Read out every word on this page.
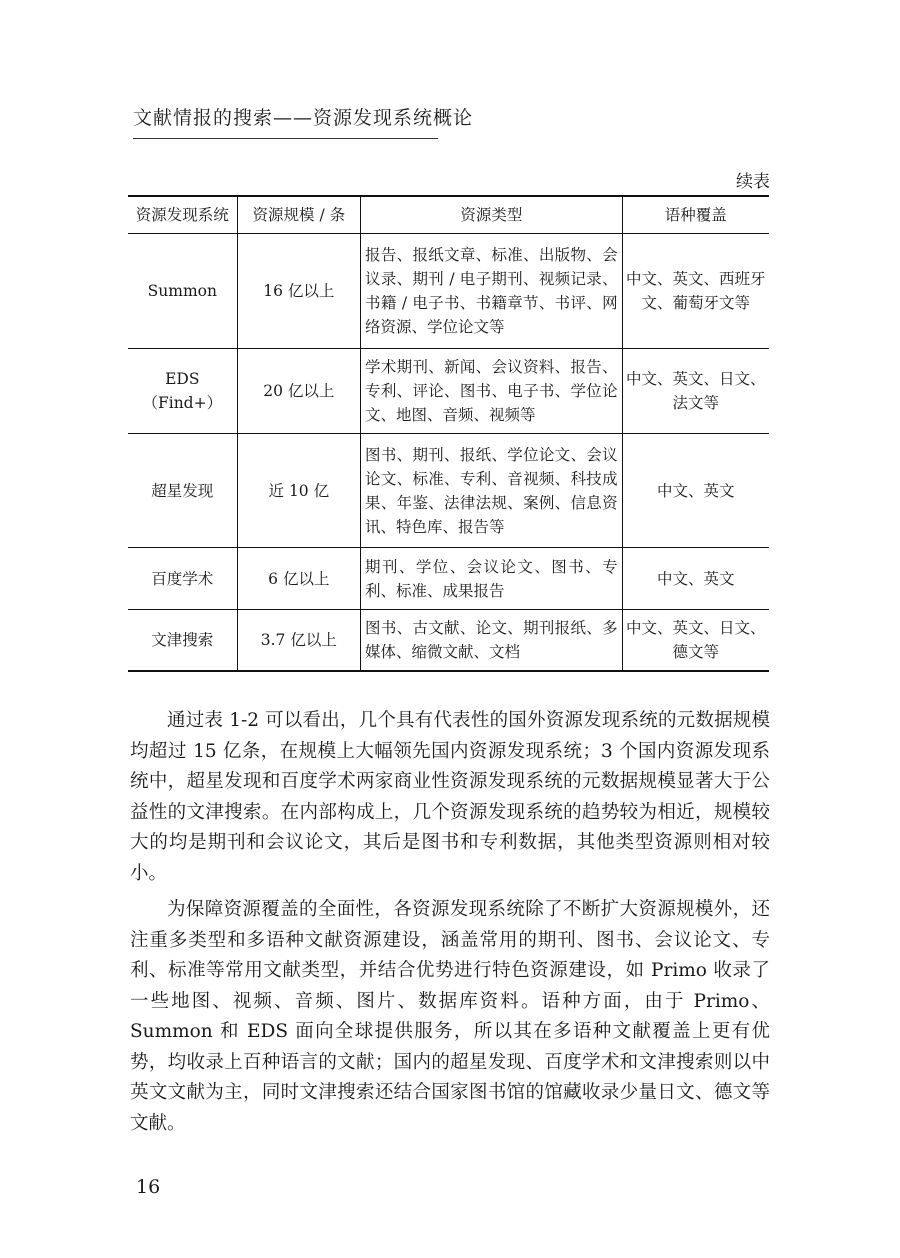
文献情报的搜索——资源发现系统概论
续表
资源发现系统	资源规模 / 条	资源类型	语种覆盖
Summon	16 亿以上	报告、报纸文章、标准、出版物、会议录、期刊 / 电子期刊、视频记录、书籍 / 电子书、书籍章节、书评、网络资源、学位论文等	中文、英文、西班牙文、葡萄牙文等
EDS（Find+）	20 亿以上	学术期刊、新闻、会议资料、报告、专利、评论、图书、电子书、学位论文、地图、音频、视频等	中文、英文、日文、法文等
超星发现	近 10 亿	图书、期刊、报纸、学位论文、会议论文、标准、专利、音视频、科技成果、年鉴、法律法规、案例、信息资讯、特色库、报告等	中文、英文
百度学术	6 亿以上	期刊、学位、会议论文、图书、专利、标准、成果报告	中文、英文
文津搜索	3.7 亿以上	图书、古文献、论文、期刊报纸、多媒体、缩微文献、文档	中文、英文、日文、德文等

通过表 1-2 可以看出，几个具有代表性的国外资源发现系统的元数据规模均超过 15 亿条，在规模上大幅领先国内资源发现系统；3 个国内资源发现系统中，超星发现和百度学术两家商业性资源发现系统的元数据规模显著大于公益性的文津搜索。在内部构成上，几个资源发现系统的趋势较为相近，规模较大的均是期刊和会议论文，其后是图书和专利数据，其他类型资源则相对较小。

为保障资源覆盖的全面性，各资源发现系统除了不断扩大资源规模外，还注重多类型和多语种文献资源建设，涵盖常用的期刊、图书、会议论文、专利、标准等常用文献类型，并结合优势进行特色资源建设，如 Primo 收录了一些地图、视频、音频、图片、数据库资料。语种方面，由于 Primo、Summon 和 EDS 面向全球提供服务，所以其在多语种文献覆盖上更有优势，均收录上百种语言的文献；国内的超星发现、百度学术和文津搜索则以中英文文献为主，同时文津搜索还结合国家图书馆的馆藏收录少量日文、德文等文献。

16
